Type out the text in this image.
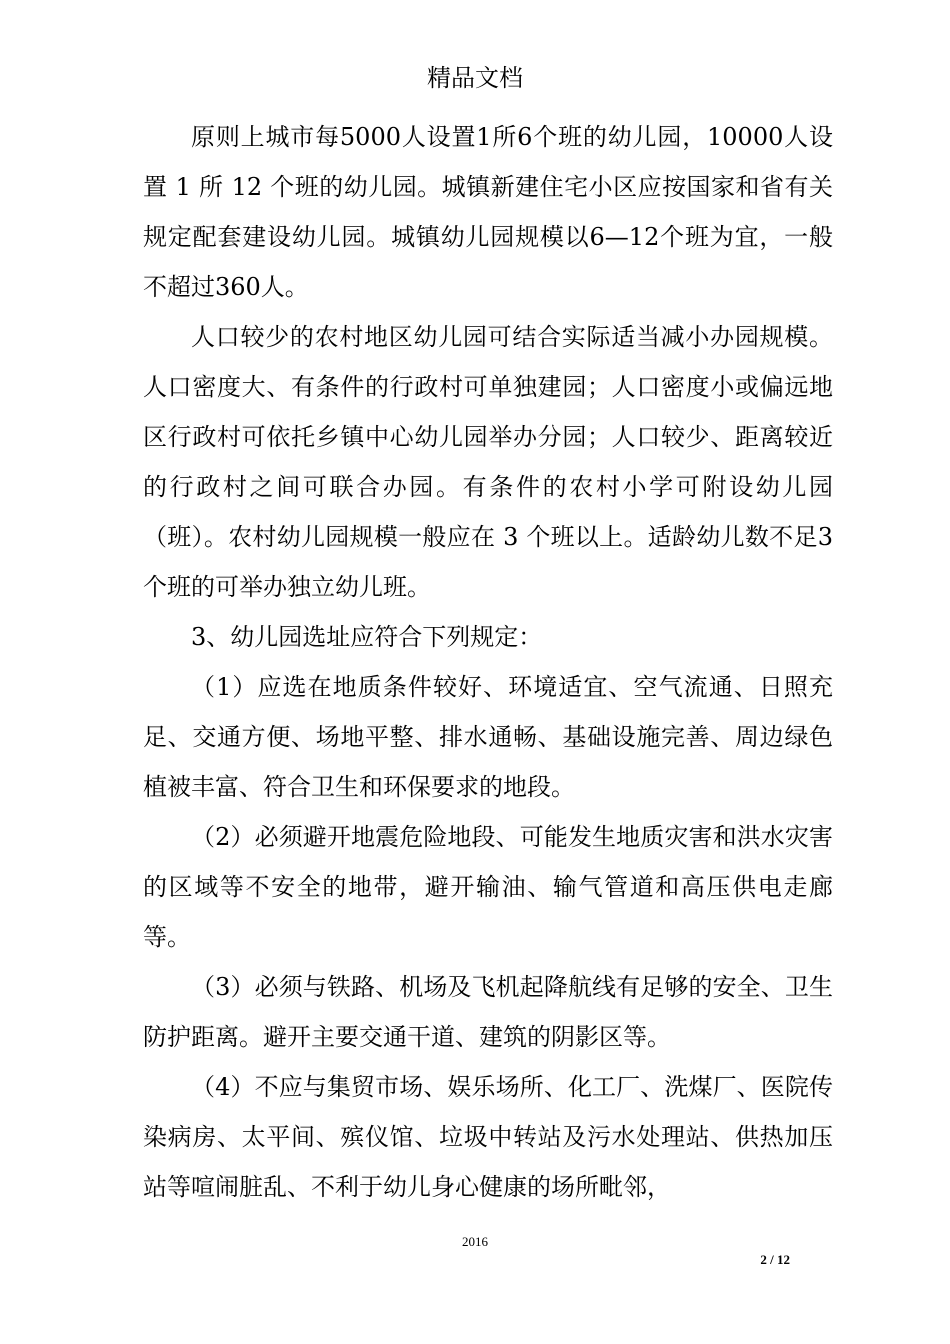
精品文档

原则上城市每5000人设置1所6个班的幼儿园，10000人设置 1 所 12 个班的幼儿园。城镇新建住宅小区应按国家和省有关规定配套建设幼儿园。城镇幼儿园规模以6—12个班为宜，一般不超过360人。

人口较少的农村地区幼儿园可结合实际适当减小办园规模。人口密度大、有条件的行政村可单独建园；人口密度小或偏远地区行政村可依托乡镇中心幼儿园举办分园；人口较少、距离较近的行政村之间可联合办园。有条件的农村小学可附设幼儿园（班）。农村幼儿园规模一般应在 3 个班以上。适龄幼儿数不足3个班的可举办独立幼儿班。

3、幼儿园选址应符合下列规定：

（1）应选在地质条件较好、环境适宜、空气流通、日照充足、交通方便、场地平整、排水通畅、基础设施完善、周边绿色植被丰富、符合卫生和环保要求的地段。

（2）必须避开地震危险地段、可能发生地质灾害和洪水灾害的区域等不安全的地带，避开输油、输气管道和高压供电走廊等。

（3）必须与铁路、机场及飞机起降航线有足够的安全、卫生防护距离。避开主要交通干道、建筑的阴影区等。

（4）不应与集贸市场、娱乐场所、化工厂、洗煤厂、医院传染病房、太平间、殡仪馆、垃圾中转站及污水处理站、供热加压站等喧闹脏乱、不利于幼儿身心健康的场所毗邻，

2016
2 / 12
